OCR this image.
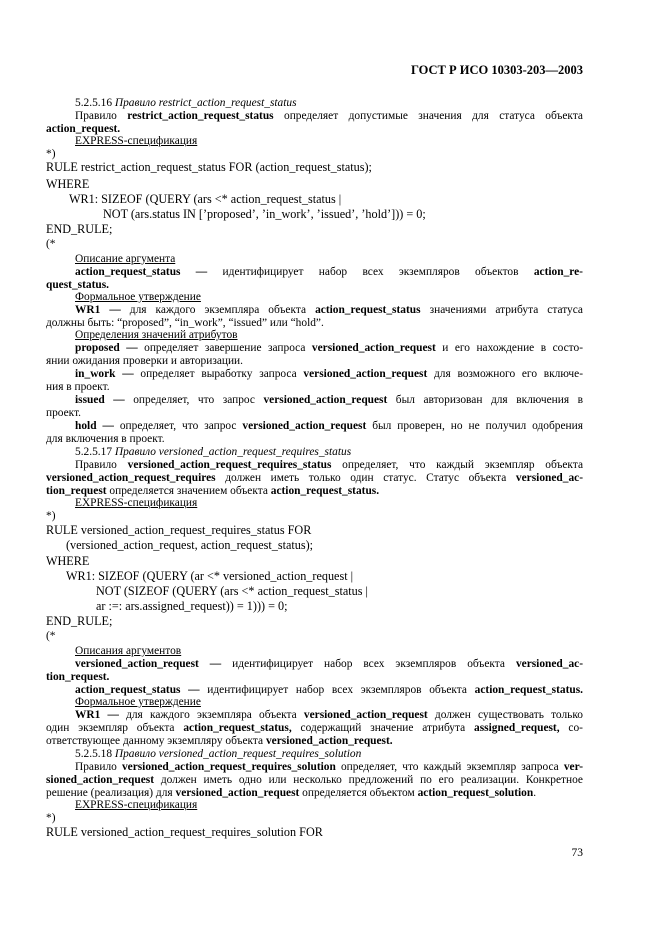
ГОСТ Р ИСО 10303-203—2003
5.2.5.16 Правило restrict_action_request_status
Правило restrict_action_request_status определяет допустимые значения для статуса объекта
action_request.
EXPRESS-спецификация
*)
RULE restrict_action_request_status FOR (action_request_status);
WHERE
WR1: SIZEOF (QUERY (ars <* action_request_status |
NOT (ars.status IN [’proposed’, ’in_work’, ’issued’, ’hold’])) = 0;
END_RULE;
(*
Описание аргумента
action_request_status — идентифицирует набор всех экземпляров объектов action_re-
quest_status.
Формальное утверждение
WR1 — для каждого экземпляра объекта action_request_status значениями атрибута статуса
должны быть: “proposed”, “in_work”, “issued” или “hold”.
Определения значений атрибутов
proposed — определяет завершение запроса versioned_action_request и его нахождение в состо-
янии ожидания проверки и авторизации.
in_work — определяет выработку запроса versioned_action_request для возможного его включе-
ния в проект.
issued — определяет, что запрос versioned_action_request был авторизован для включения в
проект.
hold — определяет, что запрос versioned_action_request был проверен, но не получил одобрения
для включения в проект.
5.2.5.17 Правило versioned_action_request_requires_status
Правило versioned_action_request_requires_status определяет, что каждый экземпляр объекта
versioned_action_request_requires должен иметь только один статус. Статус объекта versioned_ac-
tion_request определяется значением объекта action_request_status.
EXPRESS-спецификация
*)
RULE versioned_action_request_requires_status FOR
(versioned_action_request, action_request_status);
WHERE
WR1: SIZEOF (QUERY (ar <* versioned_action_request |
NOT (SIZEOF (QUERY (ars <* action_request_status |
ar :=: ars.assigned_request)) = 1))) = 0;
END_RULE;
(*
Описания аргументов
versioned_action_request — идентифицирует набор всех экземпляров объекта versioned_ac-
tion_request.
action_request_status — идентифицирует набор всех экземпляров объекта action_request_status.
Формальное утверждение
WR1 — для каждого экземпляра объекта versioned_action_request должен существовать только
один экземпляр объекта action_request_status, содержащий значение атрибута assigned_request, со-
ответствующее данному экземпляру объекта versioned_action_request.
5.2.5.18 Правило versioned_action_request_requires_solution
Правило versioned_action_request_requires_solution определяет, что каждый экземпляр запроса ver-
sioned_action_request должен иметь одно или несколько предложений по его реализации. Конкретное
решение (реализация) для versioned_action_request определяется объектом action_request_solution.
EXPRESS-спецификация
*)
RULE versioned_action_request_requires_solution FOR
73
